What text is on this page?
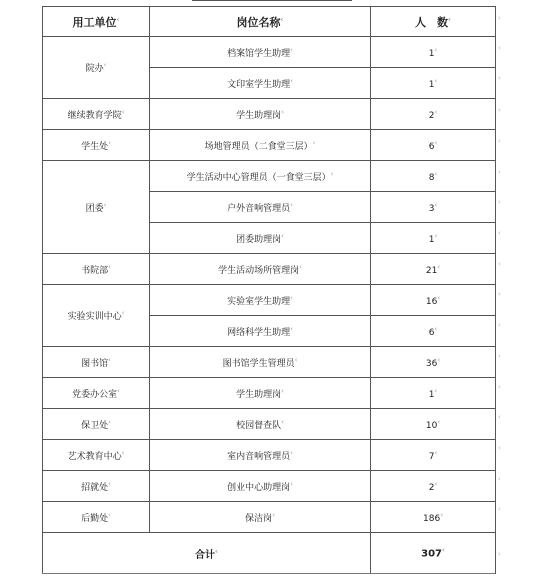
用工单位‹	岗位名称‹	人　数‹
院办‹	档案馆学生助理‹	1‹
	文印室学生助理‹	1‹
继续教育学院‹	学生助理岗‹	2‹
学生处‹	场地管理员（二食堂三层）‹	6‹
团委‹	学生活动中心管理员（一食堂三层）‹	8‹
	户外音响管理员‹	3‹
	团委助理岗‹	1‹
书院部‹	学生活动场所管理岗‹	21‹
实验实训中心‹	实验室学生助理‹	16‹
	网络科学生助理‹	6‹
图书馆‹	图书馆学生管理员‹	36‹
党委办公室‹	学生助理岗‹	1‹
保卫处‹	校园督查队‹	10‹
艺术教育中心‹	室内音响管理员‹	7‹
招就处‹	创业中心助理岗‹	2‹
后勤处‹	保洁岗‹	186‹
合计‹		307‹
‹
‹
‹
‹
‹
‹
‹
‹
‹
‹
‹
‹
‹
‹
‹
‹
‹
‹
